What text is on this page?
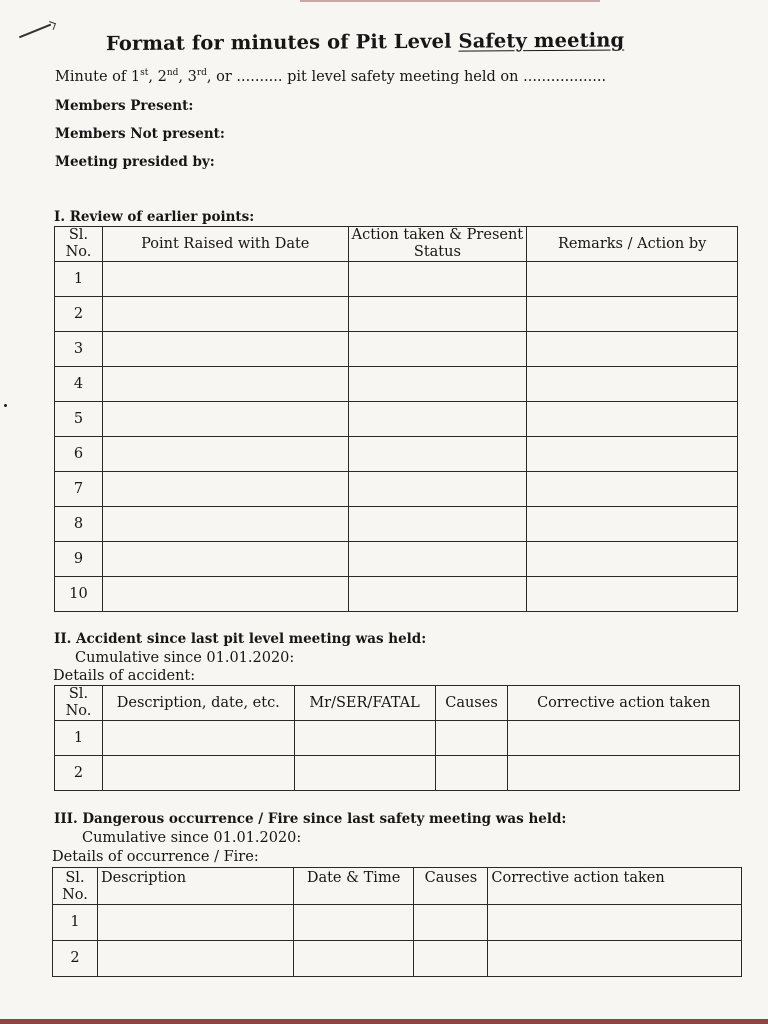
Format for minutes of Pit Level Safety meeting
Minute of 1st, 2nd, 3rd, or .......... pit level safety meeting held on ..................
Members Present:
Members Not present:
Meeting presided by:
I. Review of earlier points:
Sl. No.	Point Raised with Date	Action taken & Present Status	Remarks / Action by
1			
2			
3			
4			
5			
6			
7			
8			
9			
10			
II. Accident since last pit level meeting was held:
Cumulative since 01.01.2020:
Details of accident:
Sl. No.	Description, date, etc.	Mr/SER/FATAL	Causes	Corrective action taken
1				
2				
III. Dangerous occurrence / Fire since last safety meeting was held:
Cumulative since 01.01.2020:
Details of occurrence / Fire:
Sl. No.	Description	Date & Time	Causes	Corrective action taken
1				
2				
